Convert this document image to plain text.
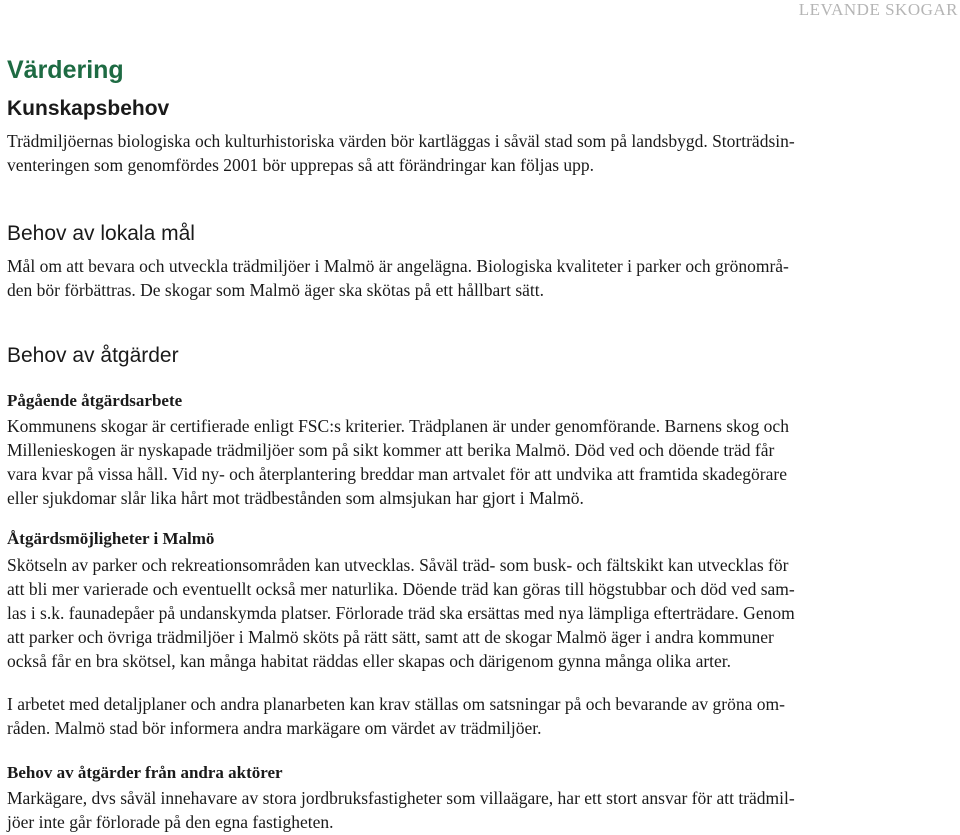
LEVANDE SKOGAR
Värdering
Kunskapsbehov

Trädmiljöernas biologiska och kulturhistoriska värden bör kartläggas i såväl stad som på landsbygd. Storträdsin-
venteringen som genomfördes 2001 bör upprepas så att förändringar kan följas upp.

Behov av lokala mål

Mål om att bevara och utveckla trädmiljöer i Malmö är angelägna. Biologiska kvaliteter i parker och grönområ-
den bör förbättras. De skogar som Malmö äger ska skötas på ett hållbart sätt.

Behov av åtgärder
Pågående åtgärdsarbete

Kommunens skogar är certifierade enligt FSC:s kriterier. Trädplanen är under genomförande. Barnens skog och
Millenieskogen är nyskapade trädmiljöer som på sikt kommer att berika Malmö. Död ved och döende träd får
vara kvar på vissa håll. Vid ny- och återplantering breddar man artvalet för att undvika att framtida skadegörare
eller sjukdomar slår lika hårt mot trädbestånden som almsjukan har gjort i Malmö.

Åtgärdsmöjligheter i Malmö

Skötseln av parker och rekreationsområden kan utvecklas. Såväl träd- som busk- och fältskikt kan utvecklas för
att bli mer varierade och eventuellt också mer naturlika. Döende träd kan göras till högstubbar och död ved sam-
las i s.k. faunadepåer på undanskymda platser. Förlorade träd ska ersättas med nya lämpliga efterträdare. Genom
att parker och övriga trädmiljöer i Malmö sköts på rätt sätt, samt att de skogar Malmö äger i andra kommuner
också får en bra skötsel, kan många habitat räddas eller skapas och därigenom gynna många olika arter.

I arbetet med detaljplaner och andra planarbeten kan krav ställas om satsningar på och bevarande av gröna om-
råden. Malmö stad bör informera andra markägare om värdet av trädmiljöer.

Behov av åtgärder från andra aktörer

Markägare, dvs såväl innehavare av stora jordbruksfastigheter som villaägare, har ett stort ansvar för att trädmil-
jöer inte går förlorade på den egna fastigheten.
